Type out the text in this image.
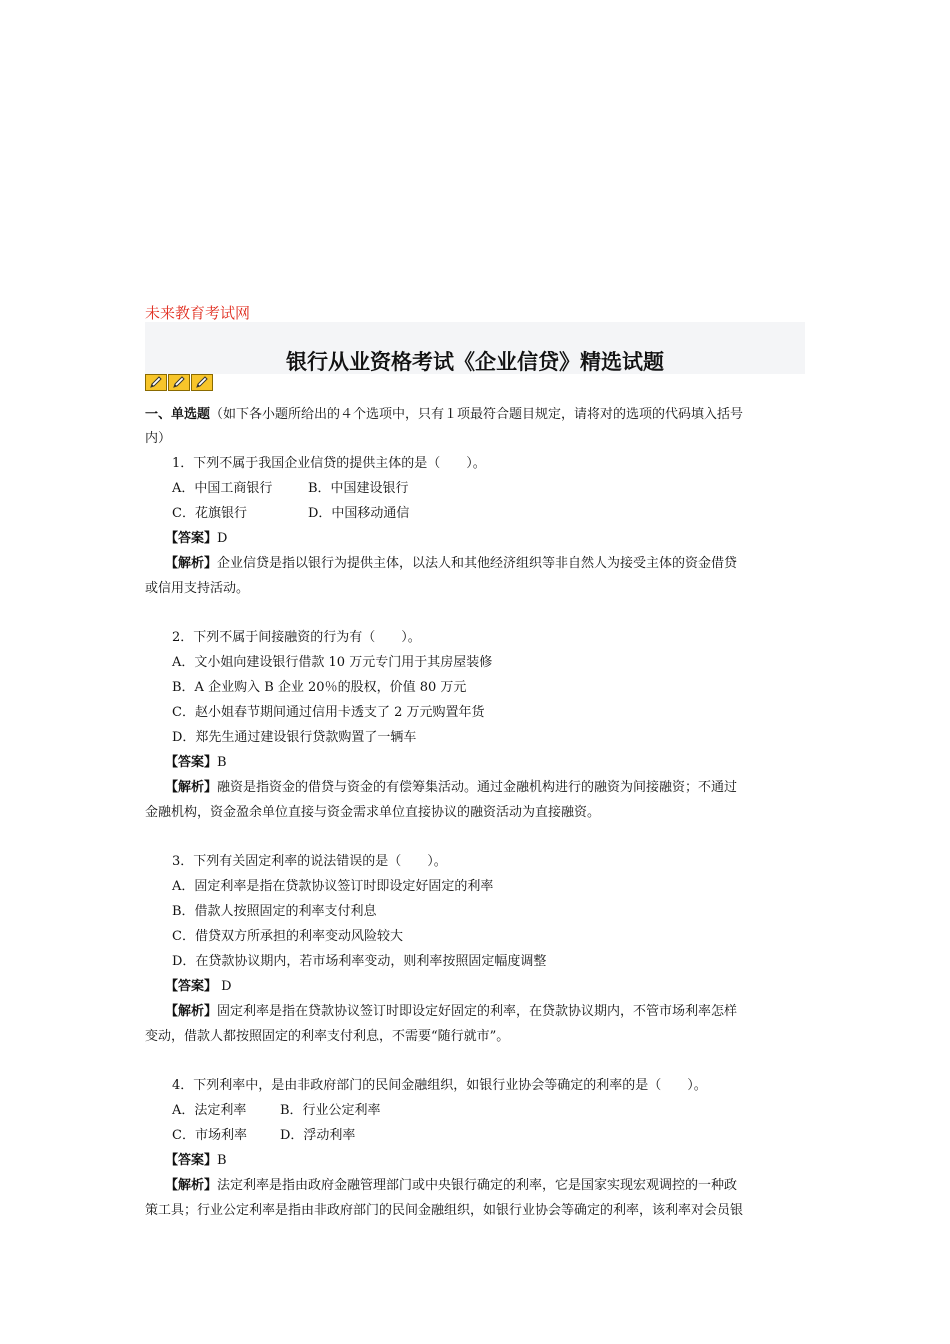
未来教育考试网
银行从业资格考试《企业信贷》精选试题
一、单选题（如下各小题所给出的４个选项中，只有１项最符合题目规定，请将对的选项的代码填入括号
内）
1．下列不属于我国企业信贷的提供主体的是（　　）。
A．中国工商银行	B．中国建设银行
C．花旗银行	D．中国移动通信
【答案】D
【解析】企业信贷是指以银行为提供主体，以法人和其他经济组织等非自然人为接受主体的资金借贷
或信用支持活动。
2．下列不属于间接融资的行为有（　　）。
A．文小姐向建设银行借款 10 万元专门用于其房屋装修
B．A 企业购入 B 企业 20％的股权，价值 80 万元
C．赵小姐春节期间通过信用卡透支了 2 万元购置年货
D．郑先生通过建设银行贷款购置了一辆车
【答案】B
【解析】融资是指资金的借贷与资金的有偿筹集活动。通过金融机构进行的融资为间接融资；不通过
金融机构，资金盈余单位直接与资金需求单位直接协议的融资活动为直接融资。
3．下列有关固定利率的说法错误的是（　　）。
A．固定利率是指在贷款协议签订时即设定好固定的利率
B．借款人按照固定的利率支付利息
C．借贷双方所承担的利率变动风险较大
D．在贷款协议期内，若市场利率变动，则利率按照固定幅度调整
【答案】 D
【解析】固定利率是指在贷款协议签订时即设定好固定的利率，在贷款协议期内，不管市场利率怎样
变动，借款人都按照固定的利率支付利息，不需要“随行就市”。
4．下列利率中，是由非政府部门的民间金融组织，如银行业协会等确定的利率的是（　　）。
A．法定利率	B．行业公定利率
C．市场利率	D．浮动利率
【答案】B
【解析】法定利率是指由政府金融管理部门或中央银行确定的利率，它是国家实现宏观调控的一种政
策工具；行业公定利率是指由非政府部门的民间金融组织，如银行业协会等确定的利率，该利率对会员银
